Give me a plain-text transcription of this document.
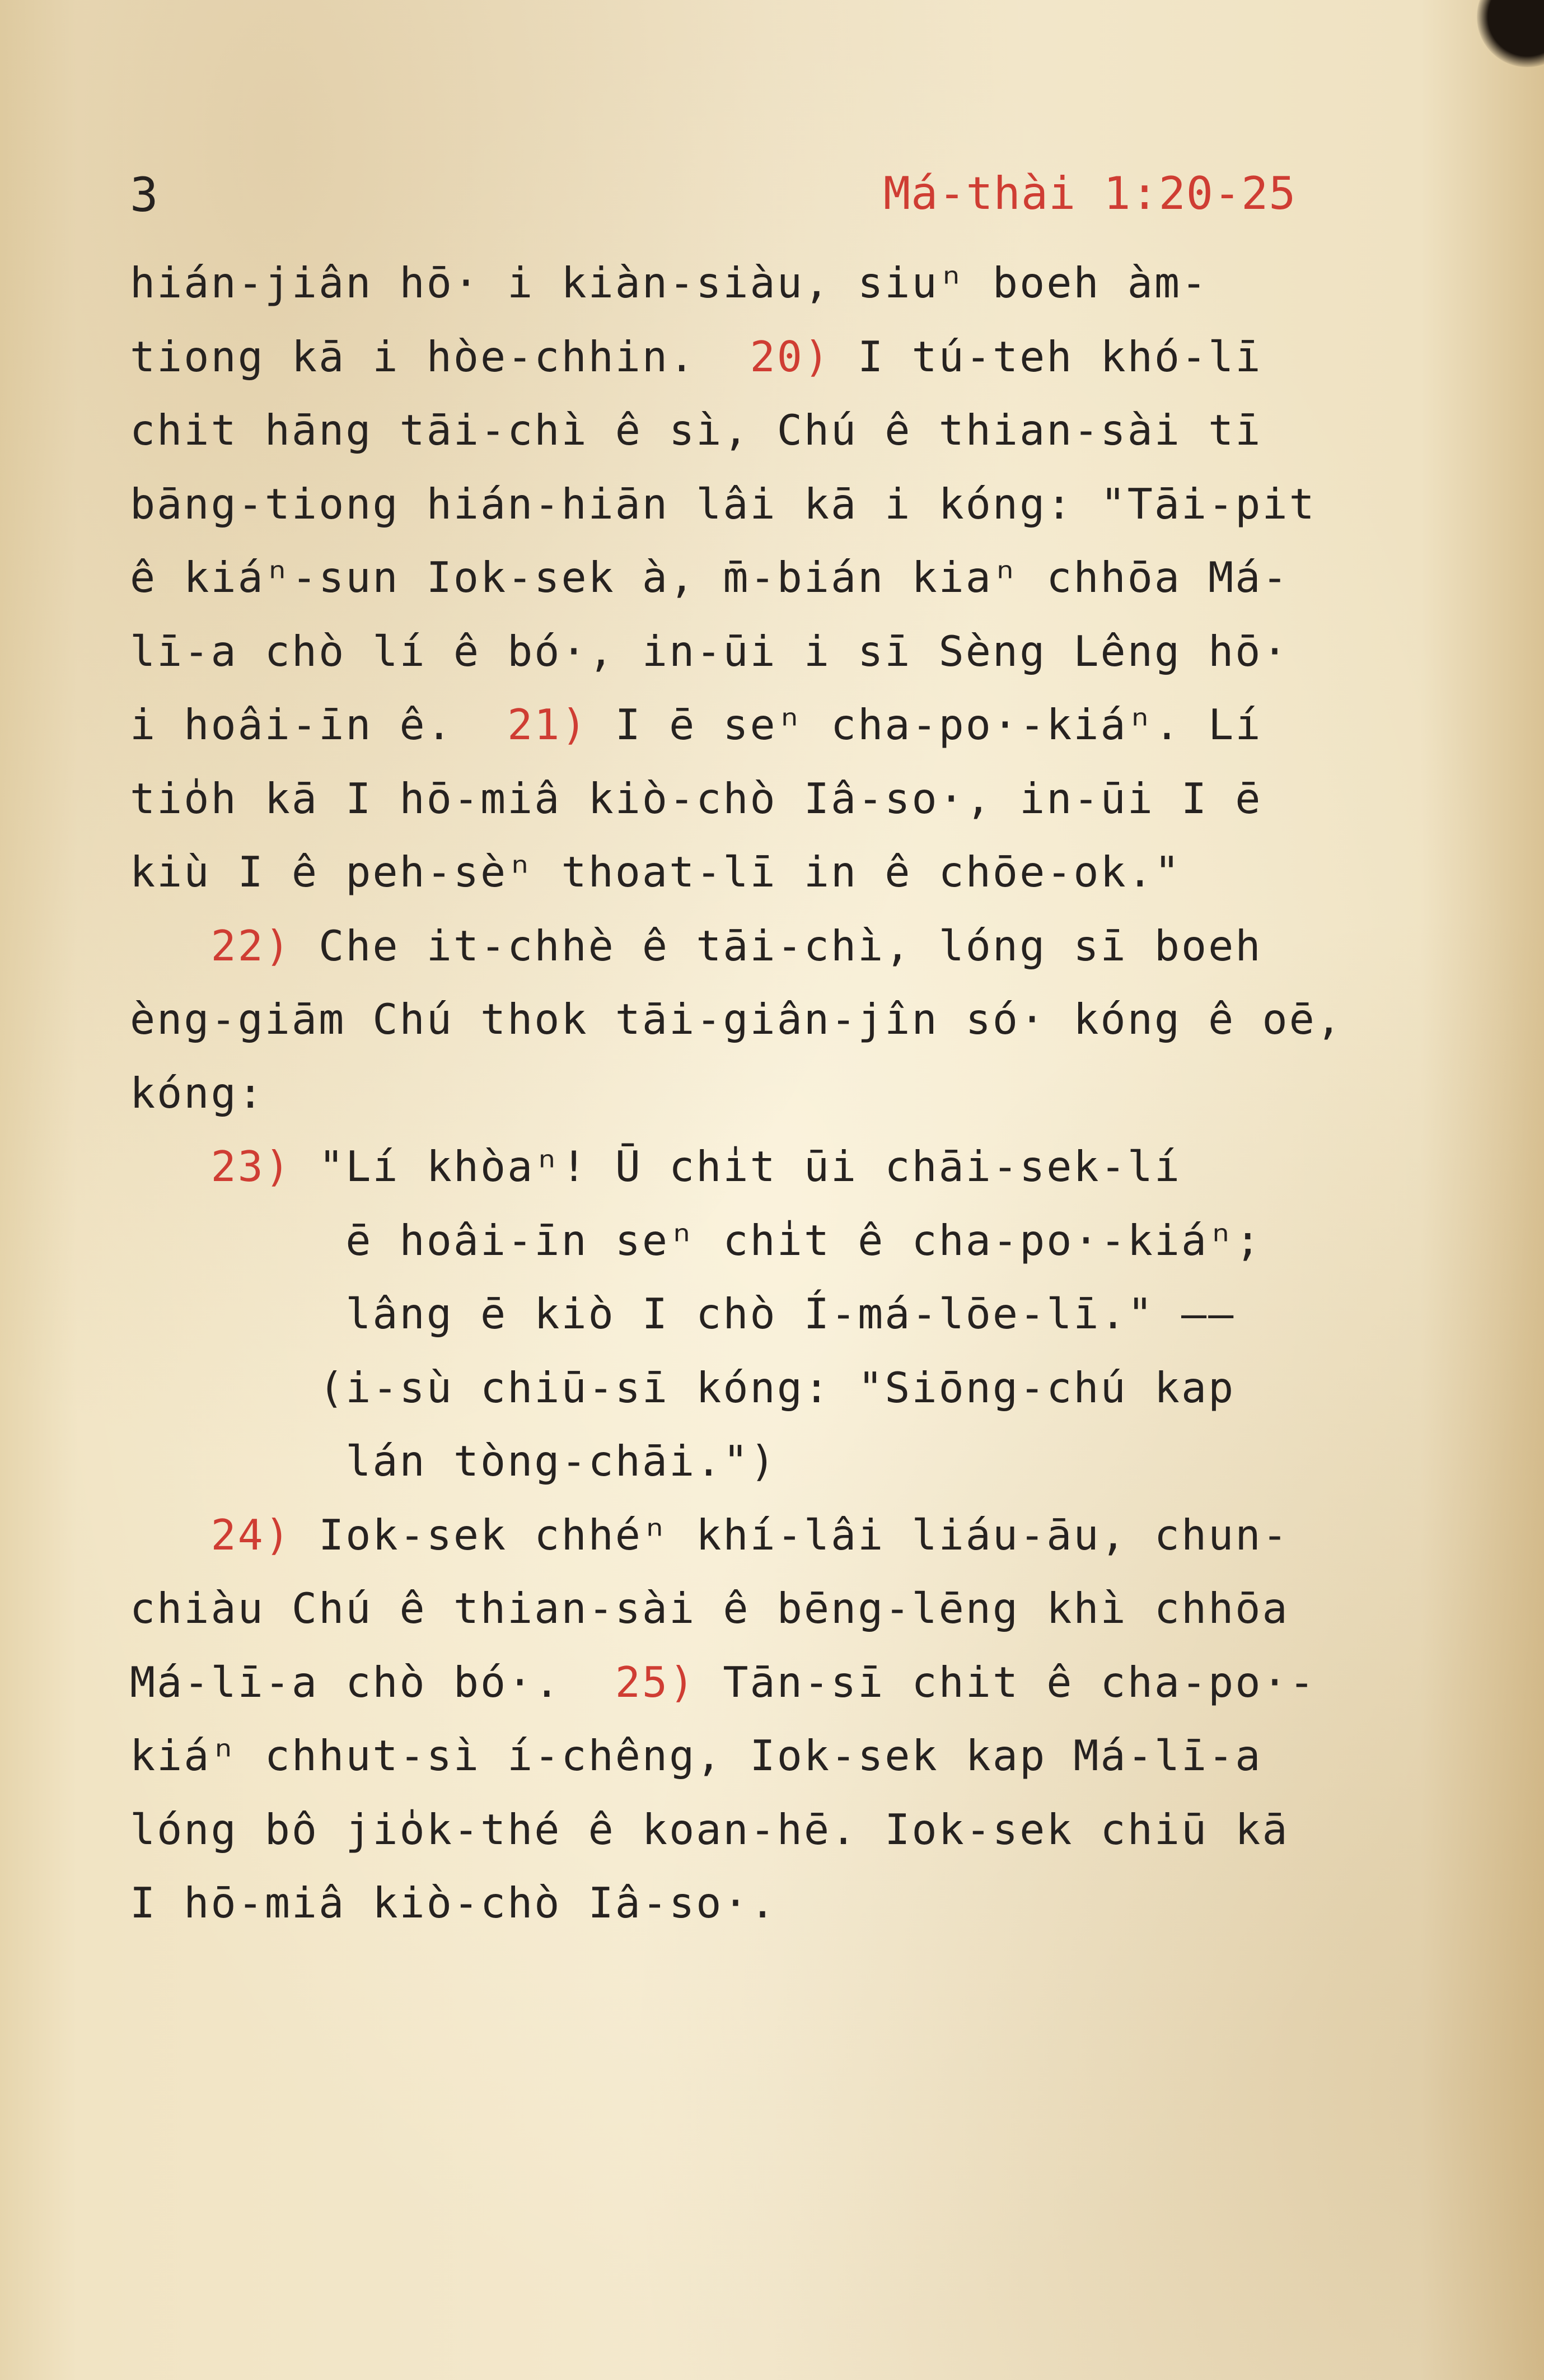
3	Má-thài 1:20-25
hián-jiân hō· i kiàn-siàu, siuⁿ boeh àm-
tiong kā i hòe-chhin.  20) I tú-teh khó-lī
chit hāng tāi-chì ê sì, Chú ê thian-sài tī
bāng-tiong hián-hiān lâi kā i kóng: "Tāi-pit
ê kiáⁿ-sun Iok-sek à, m̄-bián kiaⁿ chhōa Má-
lī-a chò lí ê bó·, in-ūi i sī Sèng Lêng hō·
i hoâi-īn ê.  21) I ē seⁿ cha-po·-kiáⁿ. Lí
tio̍h kā I hō-miâ kiò-chò Iâ-so·, in-ūi I ē
kiù I ê peh-sèⁿ thoat-lī in ê chōe-ok."
22) Che it-chhè ê tāi-chì, lóng sī boeh
èng-giām Chú thok tāi-giân-jîn só· kóng ê oē,
kóng:
23) "Lí khòaⁿ! Ū chi̍t ūi chāi-sek-lí
ē hoâi-īn seⁿ chi̍t ê cha-po·-kiáⁿ;
lâng ē kiò I chò Í-má-lōe-lī." ——
(i-sù chiū-sī kóng: "Siōng-chú kap
lán tòng-chāi.")
24) Iok-sek chhéⁿ khí-lâi liáu-āu, chun-
chiàu Chú ê thian-sài ê bēng-lēng khì chhōa
Má-lī-a chò bó·.  25) Tān-sī chit ê cha-po·-
kiáⁿ chhut-sì í-chêng, Iok-sek kap Má-lī-a
lóng bô jio̍k-thé ê koan-hē. Iok-sek chiū kā
I hō-miâ kiò-chò Iâ-so·.
